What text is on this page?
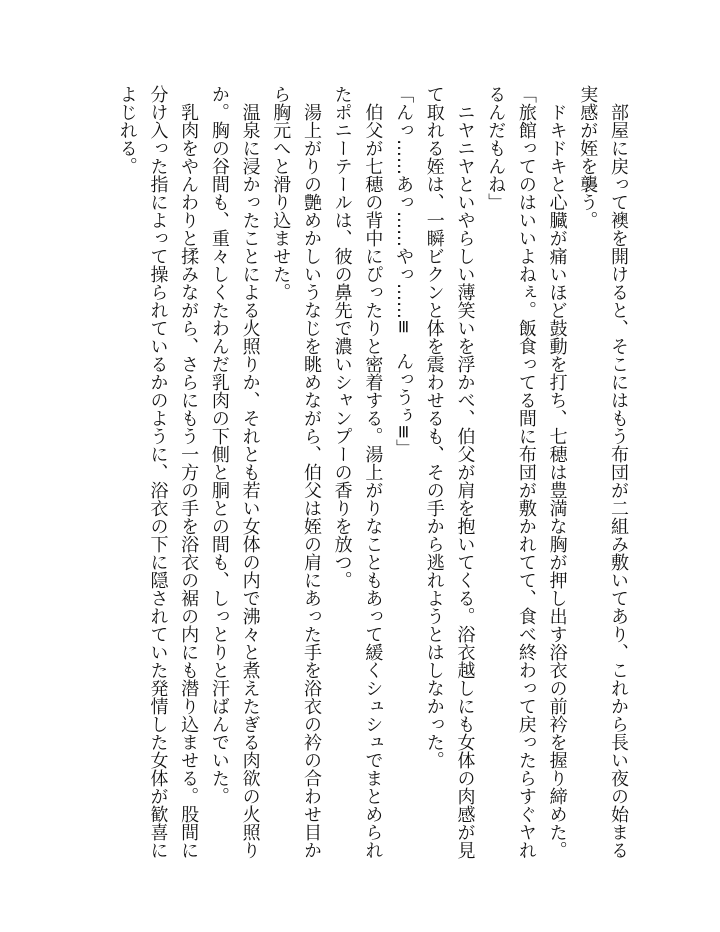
　部屋に戻って襖を開けると、そこにはもう布団が二組み敷いてあり、これから長い夜の始まる
実感が姪を襲う。
　ドキドキと心臓が痛いほど鼓動を打ち、七穂は豊満な胸が押し出す浴衣の前衿を握り締めた。
「旅館ってのはいいよねぇ。飯食ってる間に布団が敷かれてて、食べ終わって戻ったらすぐヤれ
るんだもんね」
　ニヤニヤといやらしい薄笑いを浮かべ、伯父が肩を抱いてくる。浴衣越しにも女体の肉感が見
て取れる姪は、一瞬ビクンと体を震わせるも、その手から逃れようとはしなかった。
「んっ……あっ……やっ……≡　んっうぅ≡」
　伯父が七穂の背中にぴったりと密着する。湯上がりなこともあって緩くシュシュでまとめられ
たポニーテールは、彼の鼻先で濃いシャンプーの香りを放つ。
　湯上がりの艶めかしいうなじを眺めながら、伯父は姪の肩にあった手を浴衣の衿の合わせ目か
ら胸元へと滑り込ませた。
　温泉に浸かったことによる火照りか、それとも若い女体の内で沸々と煮えたぎる肉欲の火照り
か。胸の谷間も、重々しくたわんだ乳肉の下側と胴との間も、しっとりと汗ばんでいた。
　乳肉をやんわりと揉みながら、さらにもう一方の手を浴衣の裾の内にも潜り込ませる。股間に
分け入った指によって操られているかのように、浴衣の下に隠されていた発情した女体が歓喜に
よじれる。
